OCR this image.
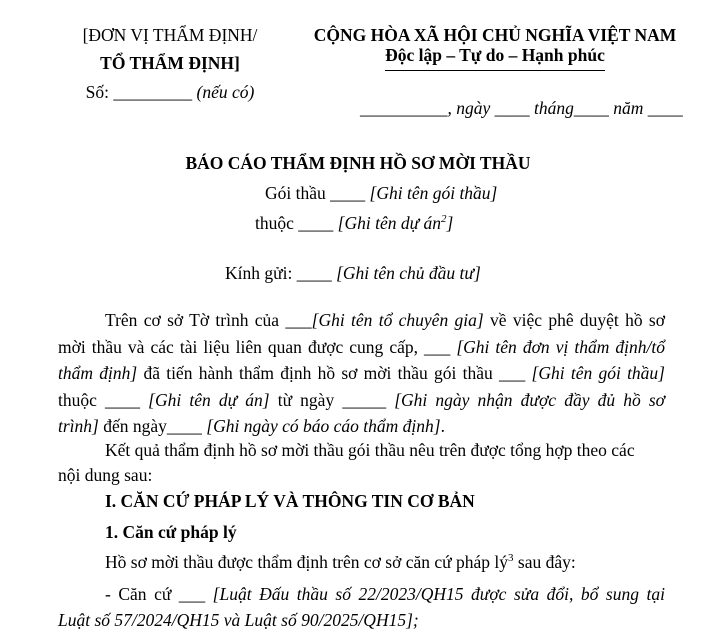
[ĐƠN VỊ THẨM ĐỊNH/
TỔ THẨM ĐỊNH]
Số: _________ (nếu có)
CỘNG HÒA XÃ HỘI CHỦ NGHĨA VIỆT NAM
Độc lập – Tự do – Hạnh phúc
__________, ngày ____ tháng____ năm ____
BÁO CÁO THẨM ĐỊNH HỒ SƠ MỜI THẦU
Gói thầu ____ [Ghi tên gói thầu]
thuộc ____ [Ghi tên dự $án^2$]
Kính gửi: ____ [Ghi tên chủ đầu tư]
Trên cơ sở Tờ trình của ___[Ghi tên tổ chuyên gia] về việc phê duyệt hồ sơ
mời thầu và các tài liệu liên quan được cung cấp, ___ [Ghi tên đơn vị thẩm định/tổ
thẩm định] đã tiến hành thẩm định hồ sơ mời thầu gói thầu ___ [Ghi tên gói thầu]
thuộc ____ [Ghi tên dự án] từ ngày _____ [Ghi ngày nhận được đầy đủ hồ sơ
trình] đến ngày____ [Ghi ngày có báo cáo thẩm định].
Kết quả thẩm định hồ sơ mời thầu gói thầu nêu trên được tổng hợp theo các
nội dung sau:
I. CĂN CỨ PHÁP LÝ VÀ THÔNG TIN CƠ BẢN
1. Căn cứ pháp lý
Hồ sơ mời thầu được thẩm định trên cơ sở căn cứ pháp $lý^3$ sau đây:
- Căn cứ ___ [Luật Đấu thầu số 22/2023/QH15 được sửa đổi, bổ sung tại
Luật số 57/2024/QH15 và Luật số 90/2025/QH15];
